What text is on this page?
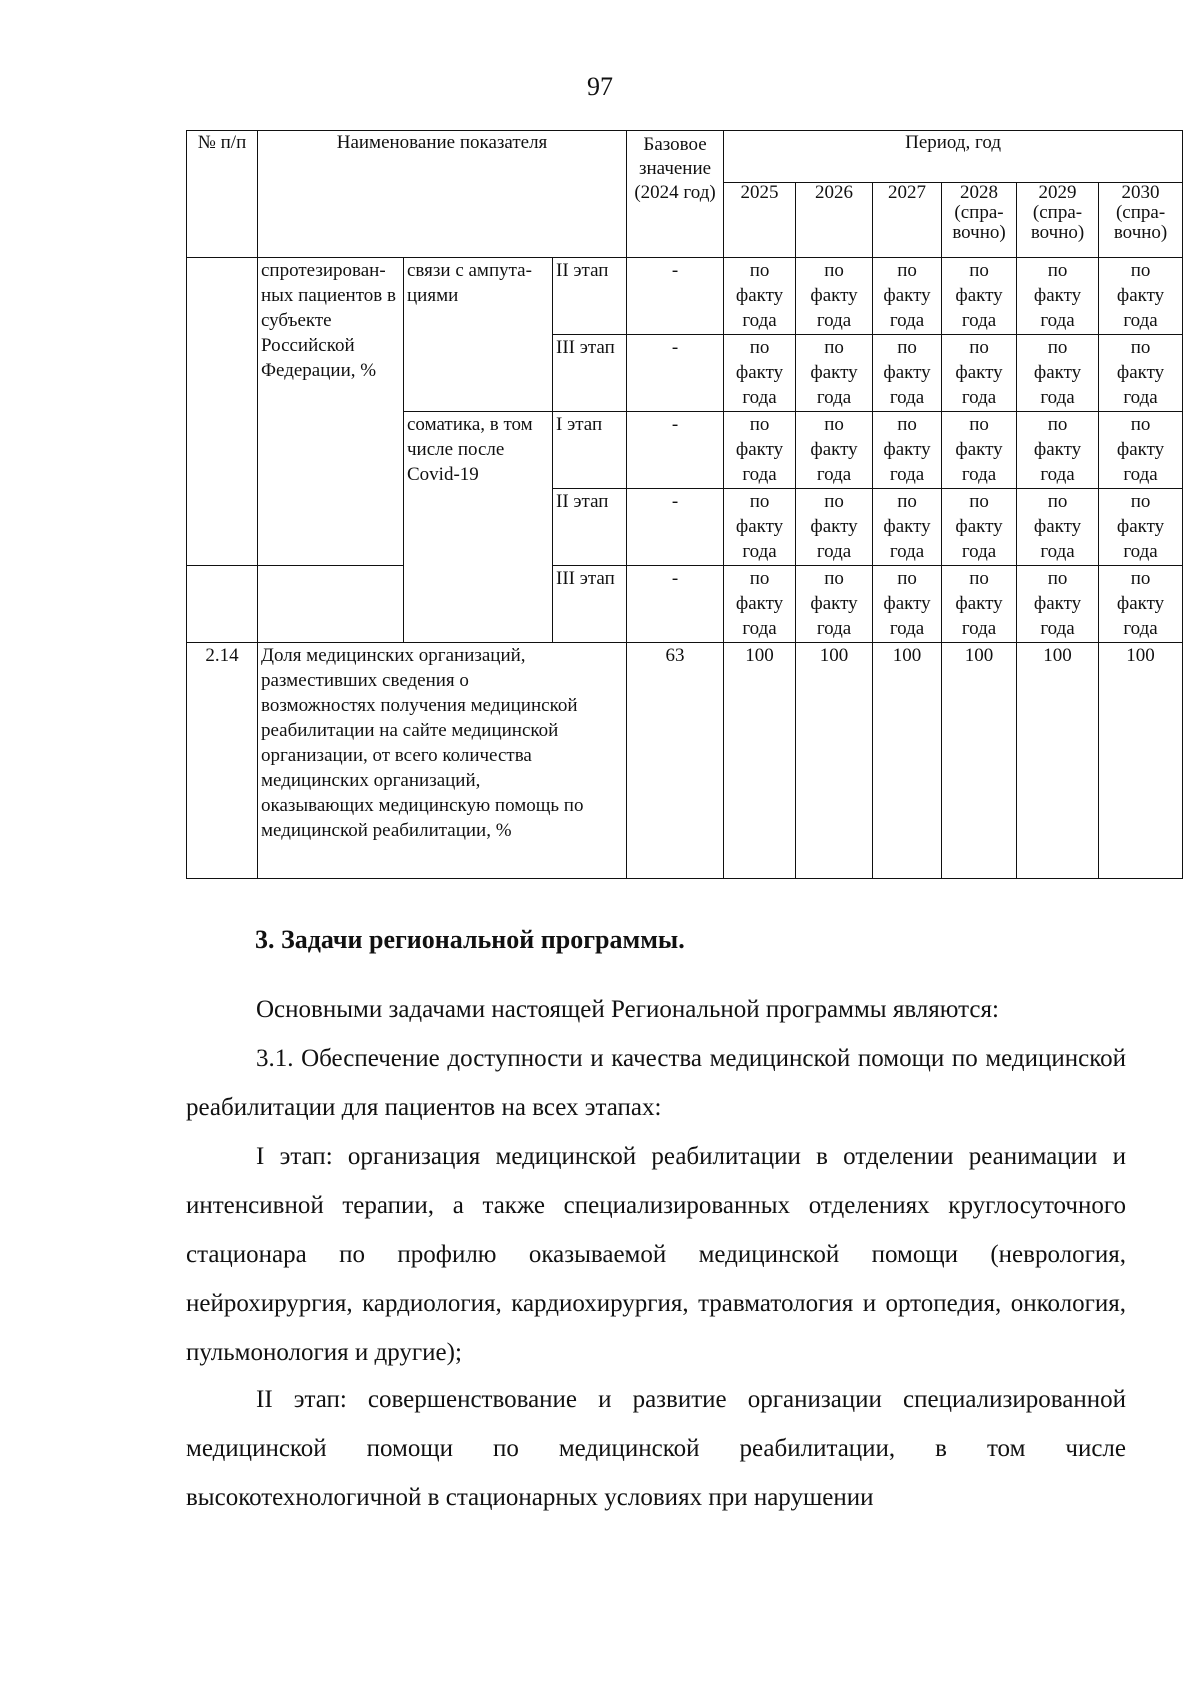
97
№ п/п	Наименование показателя			Базовое значение (2024 год)	Период, год					
					2025	2026	2027	2028 (спра-вочно)	2029 (спра-вочно)	2030 (спра-вочно)
	спротезирован-ных пациентов в субъекте Российской Федерации, %	связи с ампута-циями	II этап	-	по
факту
года	по
факту
года	по
факту
года	по
факту
года	по
факту
года	по
факту
года
			III этап	-	по
факту
года	по
факту
года	по
факту
года	по
факту
года	по
факту
года	по
факту
года
		соматика, в том числе после Covid-19	I этап	-	по
факту
года	по
факту
года	по
факту
года	по
факту
года	по
факту
года	по
факту
года
			II этап	-	по
факту
года	по
факту
года	по
факту
года	по
факту
года	по
факту
года	по
факту
года
			III этап	-	по
факту
года	по
факту
года	по
факту
года	по
факту
года	по
факту
года	по
факту
года
2.14	Доля медицинских организаций, разместивших сведения о возможностях получения медицинской реабилитации на сайте медицинской организации, от всего количества медицинских организаций, оказывающих медицинскую помощь по медицинской реабилитации, %			63	100	100	100	100	100	100
3. Задачи региональной программы.
Основными задачами настоящей Региональной программы являются:
3.1. Обеспечение доступности и качества медицинской помощи по медицинской реабилитации для пациентов на всех этапах:
I этап: организация медицинской реабилитации в отделении реанимации и интенсивной терапии, а также специализированных отделениях круглосуточного стационара по профилю оказываемой медицинской помощи (неврология, нейрохирургия, кардиология, кардиохирургия, травматология и ортопедия, онкология, пульмонология и другие);
II этап: совершенствование и развитие организации специализированной медицинской помощи по медицинской реабилитации, в том числе высокотехнологичной в стационарных условиях при нарушении
